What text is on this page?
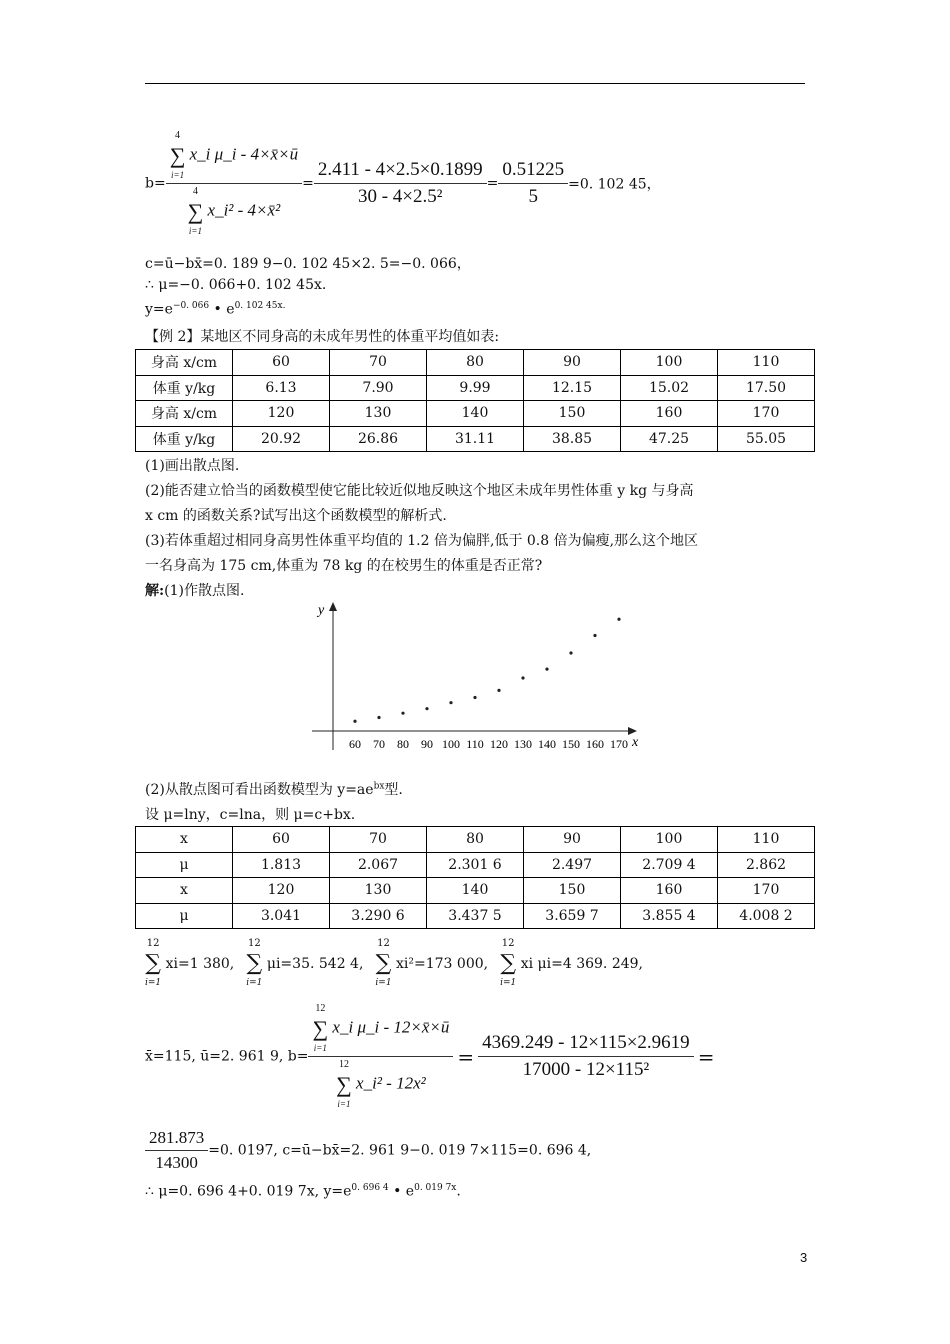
b= 4
∑
i=1
x_i μ_i - 4×x̄×ū
4
∑
i=1
x_i² - 4×x̄² = $\frac{2.411 - 4\times 2.5\times 0.1899}{\text{30 - 4×2.5²}} = \frac{0.51225}{5} =0$. 102 45，
c=ū−bx̄=0. 189 9−0. 102 45×2. 5=−0. 066，
∴ μ=−0. 066+0. 102 45x.
$y=e^{-0. 066}$ • $e^{0. 102 45x.}$
【例 2】某地区不同身高的未成年男性的体重平均值如表:
身高 x/cm	60	70	80	90	100	110
体重 y/kg	6.13	7.90	9.99	12.15	15.02	17.50
身高 x/cm	120	130	140	150	160	170
体重 y/kg	20.92	26.86	31.11	38.85	47.25	55.05
(1)画出散点图.
(2)能否建立恰当的函数模型使它能比较近似地反映这个地区未成年男性体重 y kg 与身高
x cm 的函数关系?试写出这个函数模型的解析式.
(3)若体重超过相同身高男性体重平均值的 1.2 倍为偏胖,低于 0.8 倍为偏瘦,那么这个地区
一名身高为 175 cm,体重为 78 kg 的在校男生的体重是否正常?
解:(1)作散点图.
y
x
60 70 80 90 100 110 120 130 140 150 160 170
(2)从散点图可看出函数模型为 $y=ae^{bx}$型.
设 μ=lny，c=lna，则 μ=c+bx.
x	60	70	80	90	100	110
μ	1.813	2.067	2.301 6	2.497	2.709 4	2.862
x	120	130	140	150	160	170
μ	3.041	3.290 6	3.437 5	3.659 7	3.855 4	4.008 2
12
∑
i=1
xi=1 380,
12
∑
i=1
μi=35. 542 4,
12
∑
i=1
xi²=173 000,
12
∑
i=1
xi μi=4 369. 249,
x̄=115, ū=2. 961 9, b= 12
∑
i=1
x_i μ_i - 12×x̄×ū
12
∑
i=1
x_i² - $12x^2 = \frac{4369.249 - 12\times 115\times 2.9619}{\text{17000 - 12×115²}}$ =
$\frac{281.873}{14300} =0$. 0197, c=ū−bx̄=2. 961 9−0. 019 7×115=0. 696 4,
∴ μ=0. 696 4+0. 019 7x, $y=e^{0. 696 4}$ • $e^{0. 019 7x}$.
3
